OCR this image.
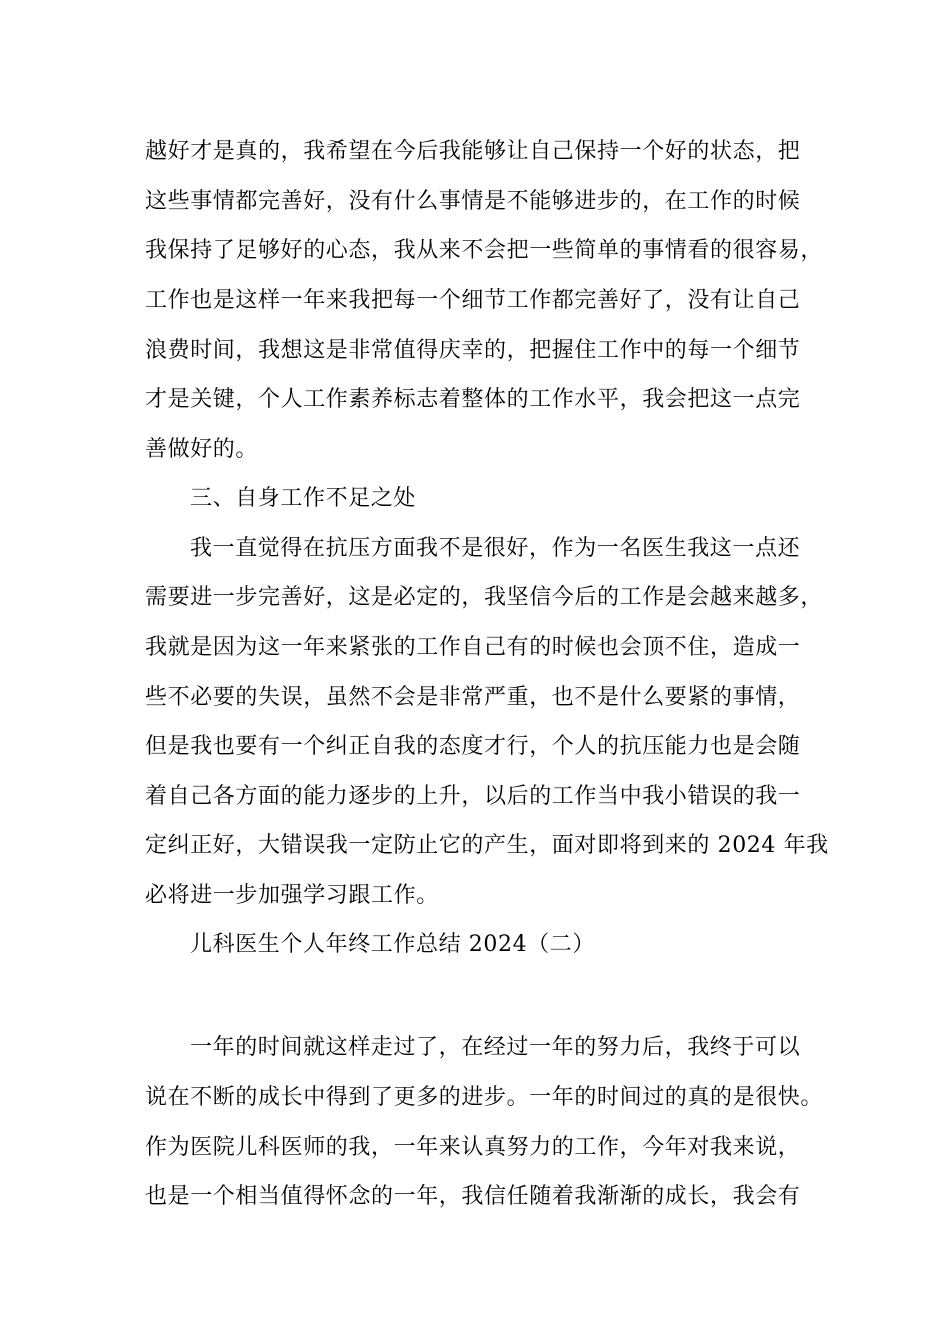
越好才是真的，我希望在今后我能够让自己保持一个好的状态，把
这些事情都完善好，没有什么事情是不能够进步的，在工作的时候
我保持了足够好的心态，我从来不会把一些简单的事情看的很容易，
工作也是这样一年来我把每一个细节工作都完善好了，没有让自己
浪费时间，我想这是非常值得庆幸的，把握住工作中的每一个细节
才是关键，个人工作素养标志着整体的工作水平，我会把这一点完
善做好的。
三、自身工作不足之处
我一直觉得在抗压方面我不是很好，作为一名医生我这一点还
需要进一步完善好，这是必定的，我坚信今后的工作是会越来越多，
我就是因为这一年来紧张的工作自己有的时候也会顶不住，造成一
些不必要的失误，虽然不会是非常严重，也不是什么要紧的事情，
但是我也要有一个纠正自我的态度才行，个人的抗压能力也是会随
着自己各方面的能力逐步的上升，以后的工作当中我小错误的我一
定纠正好，大错误我一定防止它的产生，面对即将到来的 2024 年我
必将进一步加强学习跟工作。
儿科医生个人年终工作总结 2024（二）
一年的时间就这样走过了，在经过一年的努力后，我终于可以
说在不断的成长中得到了更多的进步。一年的时间过的真的是很快。
作为医院儿科医师的我，一年来认真努力的工作，今年对我来说，
也是一个相当值得怀念的一年，我信任随着我渐渐的成长，我会有
